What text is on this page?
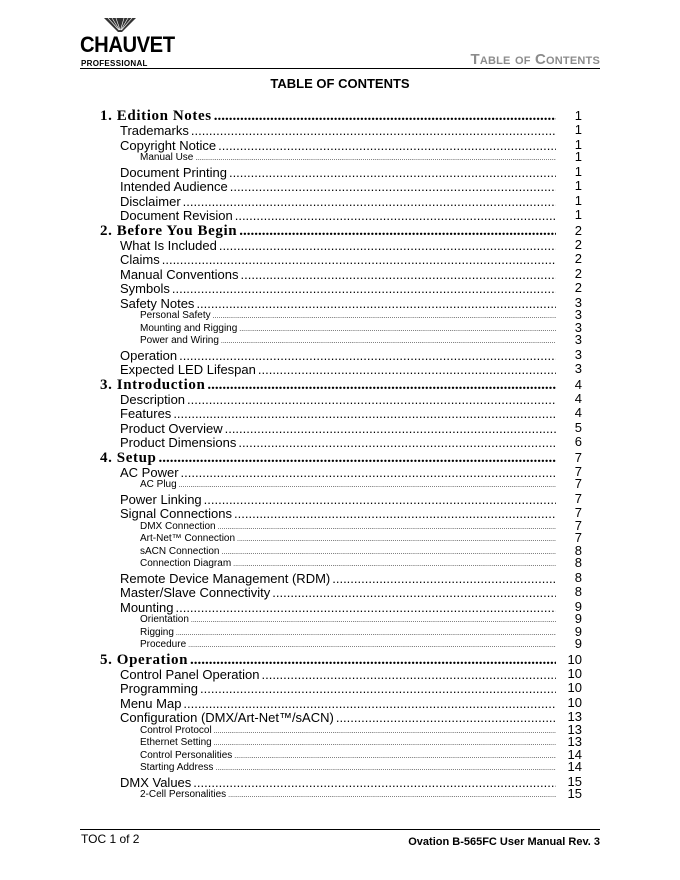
CHAUVET
PROFESSIONAL	Table of Contents
TABLE OF CONTENTS
1. Edition Notes .....	1
Trademarks .....	1
Copyright Notice .....	1
Manual Use .....	1
Document Printing .....	1
Intended Audience .....	1
Disclaimer .....	1
Document Revision .....	1
2. Before You Begin .....	2
What Is Included .....	2
Claims .....	2
Manual Conventions .....	2
Symbols .....	2
Safety Notes .....	3
Personal Safety .....	3
Mounting and Rigging .....	3
Power and Wiring .....	3
Operation .....	3
Expected LED Lifespan .....	3
3. Introduction .....	4
Description .....	4
Features .....	4
Product Overview .....	5
Product Dimensions .....	6
4. Setup .....	7
AC Power .....	7
AC Plug .....	7
Power Linking .....	7
Signal Connections .....	7
DMX Connection .....	7
Art-Net™ Connection .....	7
sACN Connection .....	8
Connection Diagram .....	8
Remote Device Management (RDM) .....	8
Master/Slave Connectivity .....	8
Mounting .....	9
Orientation .....	9
Rigging .....	9
Procedure .....	9
5. Operation .....	10
Control Panel Operation .....	10
Programming .....	10
Menu Map .....	10
Configuration (DMX/Art-Net™/sACN) .....	13
Control Protocol .....	13
Ethernet Setting .....	13
Control Personalities .....	14
Starting Address .....	14
DMX Values .....	15
2-Cell Personalities .....	15
TOC 1 of 2	Ovation B-565FC User Manual Rev. 3
